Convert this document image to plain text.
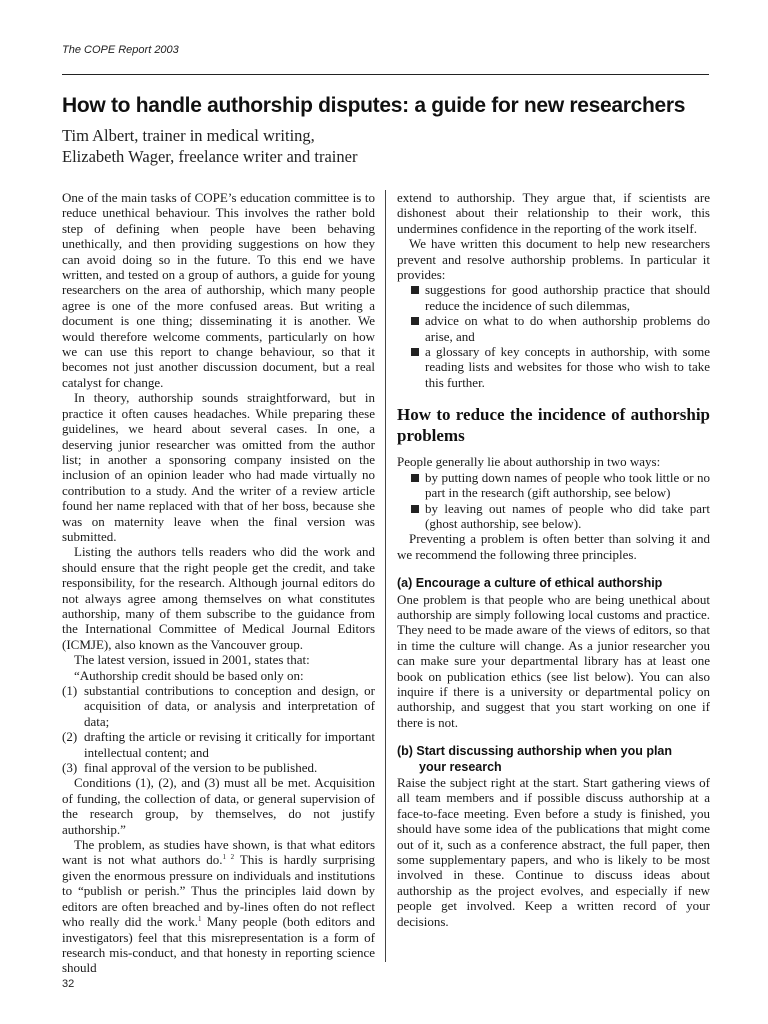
The COPE Report 2003
How to handle authorship disputes: a guide for new researchers
Tim Albert, trainer in medical writing,
Elizabeth Wager, freelance writer and trainer

One of the main tasks of COPE’s education committee is to reduce unethical behaviour. This involves the rather bold step of defining when people have been behaving unethically, and then providing suggestions on how they can avoid doing so in the future. To this end we have written, and tested on a group of authors, a guide for young researchers on the area of authorship, which many people agree is one of the more confused areas. But writing a document is one thing; disseminating it is another. We would therefore welcome comments, particularly on how we can use this report to change behaviour, so that it becomes not just another discussion document, but a real catalyst for change.

In theory, authorship sounds straightforward, but in practice it often causes headaches. While preparing these guidelines, we heard about several cases. In one, a deserving junior researcher was omitted from the author list; in another a sponsoring company insisted on the inclusion of an opinion leader who had made virtually no contribution to a study. And the writer of a review article found her name replaced with that of her boss, because she was on maternity leave when the final version was submitted.

Listing the authors tells readers who did the work and should ensure that the right people get the credit, and take responsibility, for the research. Although journal editors do not always agree among themselves on what constitutes authorship, many of them subscribe to the guidance from the International Committee of Medical Journal Editors (ICMJE), also known as the Vancouver group.

The latest version, issued in 2001, states that:

“Authorship credit should be based only on:

(1) substantial contributions to conception and design, or acquisition of data, or analysis and interpretation of data;
(2) drafting the article or revising it critically for important intellectual content; and
(3) final approval of the version to be published.

Conditions (1), (2), and (3) must all be met. Acquisition of funding, the collection of data, or general supervision of the research group, by themselves, do not justify authorship.”

The problem, as studies have shown, is that what editors want is not what authors do.$^{1 2}$ This is hardly surprising given the enormous pressure on individuals and institutions to “publish or perish.” Thus the principles laid down by editors are often breached and by-lines often do not reflect who really did the work.$^1$ Many people (both editors and investigators) feel that this misrepresentation is a form of research mis-conduct, and that honesty in reporting science should

extend to authorship. They argue that, if scientists are dishonest about their relationship to their work, this undermines confidence in the reporting of the work itself.

We have written this document to help new researchers prevent and resolve authorship problems. In particular it provides:

suggestions for good authorship practice that should reduce the incidence of such dilemmas,
advice on what to do when authorship problems do arise, and
a glossary of key concepts in authorship, with some reading lists and websites for those who wish to take this further.
How to reduce the incidence of authorship problems

People generally lie about authorship in two ways:

by putting down names of people who took little or no part in the research (gift authorship, see below)
by leaving out names of people who did take part (ghost authorship, see below).

Preventing a problem is often better than solving it and we recommend the following three principles.

(a) Encourage a culture of ethical authorship

One problem is that people who are being unethical about authorship are simply following local customs and practice. They need to be made aware of the views of editors, so that in time the culture will change. As a junior researcher you can make sure your departmental library has at least one book on publication ethics (see list below). You can also inquire if there is a university or departmental policy on authorship, and suggest that you start working on one if there is not.

(b) Start discussing authorship when you plan
your research

Raise the subject right at the start. Start gathering views of all team members and if possible discuss authorship at a face-to-face meeting. Even before a study is finished, you should have some idea of the publications that might come out of it, such as a conference abstract, the full paper, then some supplementary papers, and who is likely to be most involved in these. Continue to discuss ideas about authorship as the project evolves, and especially if new people get involved. Keep a written record of your decisions.

32
